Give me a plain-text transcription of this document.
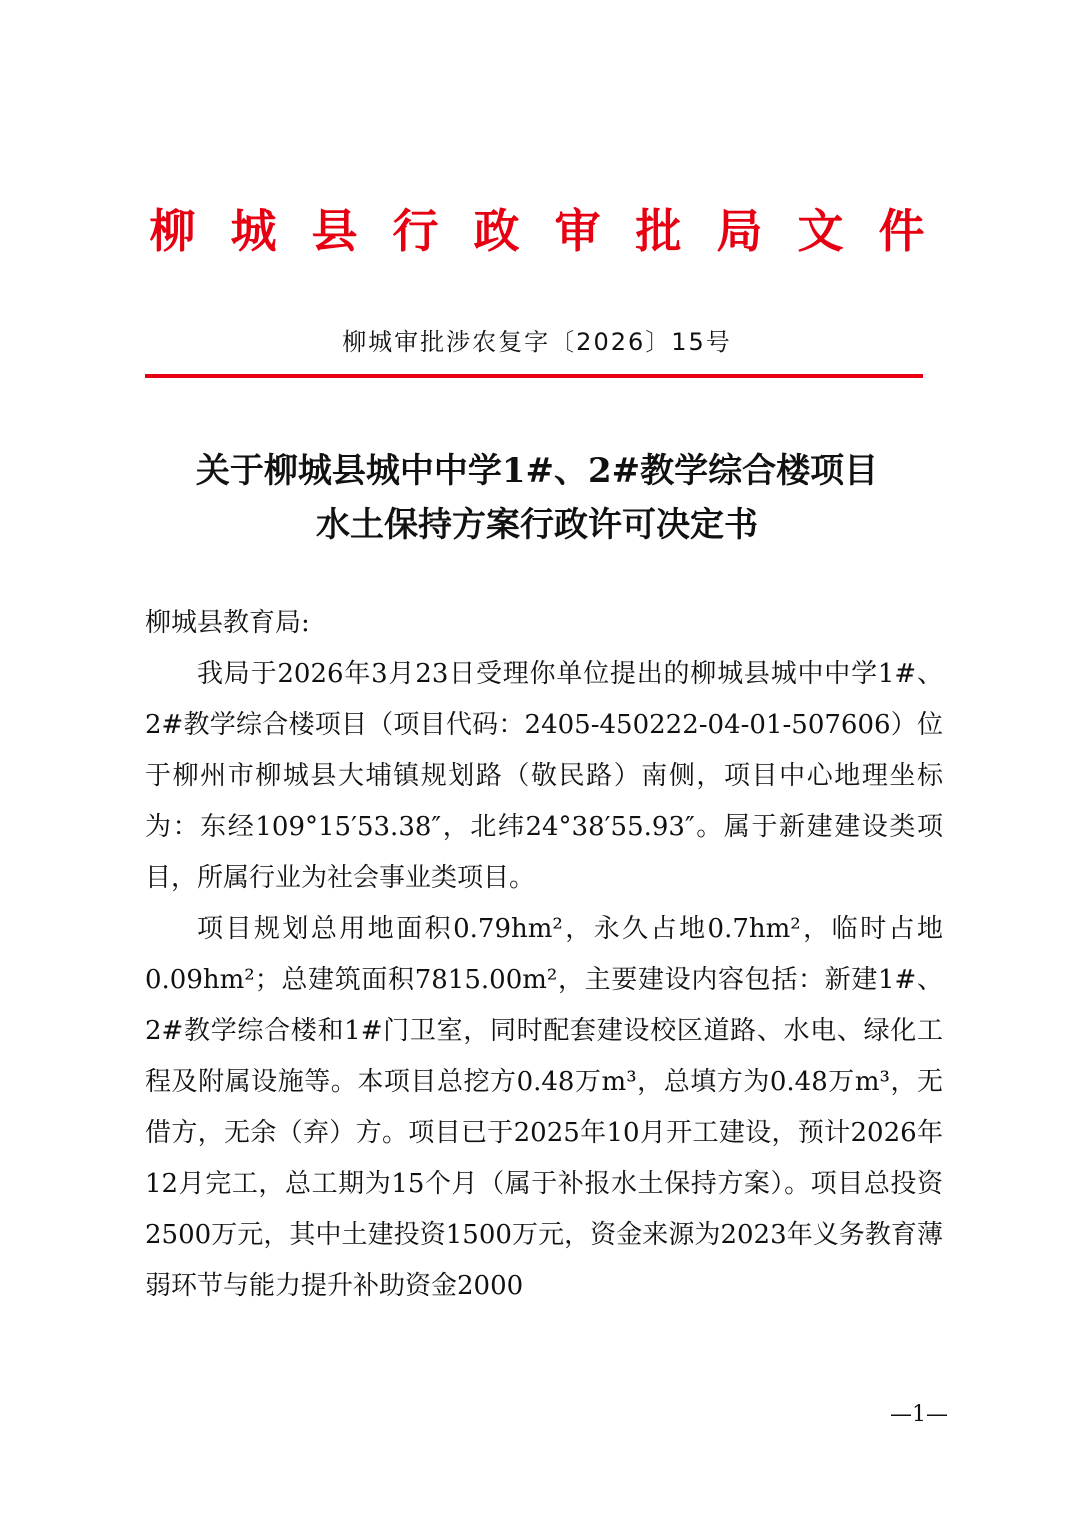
柳城县行政审批局文件
柳城审批涉农复字〔2026〕15号
关于柳城县城中中学1#、2#教学综合楼项目
水土保持方案行政许可决定书

柳城县教育局:

我局于2026年3月23日受理你单位提出的柳城县城中中学1#、2#教学综合楼项目（项目代码：2405-450222-04-01-507606）位于柳州市柳城县大埔镇规划路（敬民路）南侧，项目中心地理坐标为：东经109°15′53.38″，北纬24°38′55.93″。属于新建建设类项目，所属行业为社会事业类项目。

项目规划总用地面积0.79hm²，永久占地0.7hm²，临时占地0.09hm²；总建筑面积7815.00m²，主要建设内容包括：新建1#、2#教学综合楼和1#门卫室，同时配套建设校区道路、水电、绿化工程及附属设施等。本项目总挖方0.48万m³，总填方为0.48万m³，无借方，无余（弃）方。项目已于2025年10月开工建设，预计2026年12月完工，总工期为15个月（属于补报水土保持方案）。项目总投资2500万元，其中土建投资1500万元，资金来源为2023年义务教育薄弱环节与能力提升补助资金2000

—1—
